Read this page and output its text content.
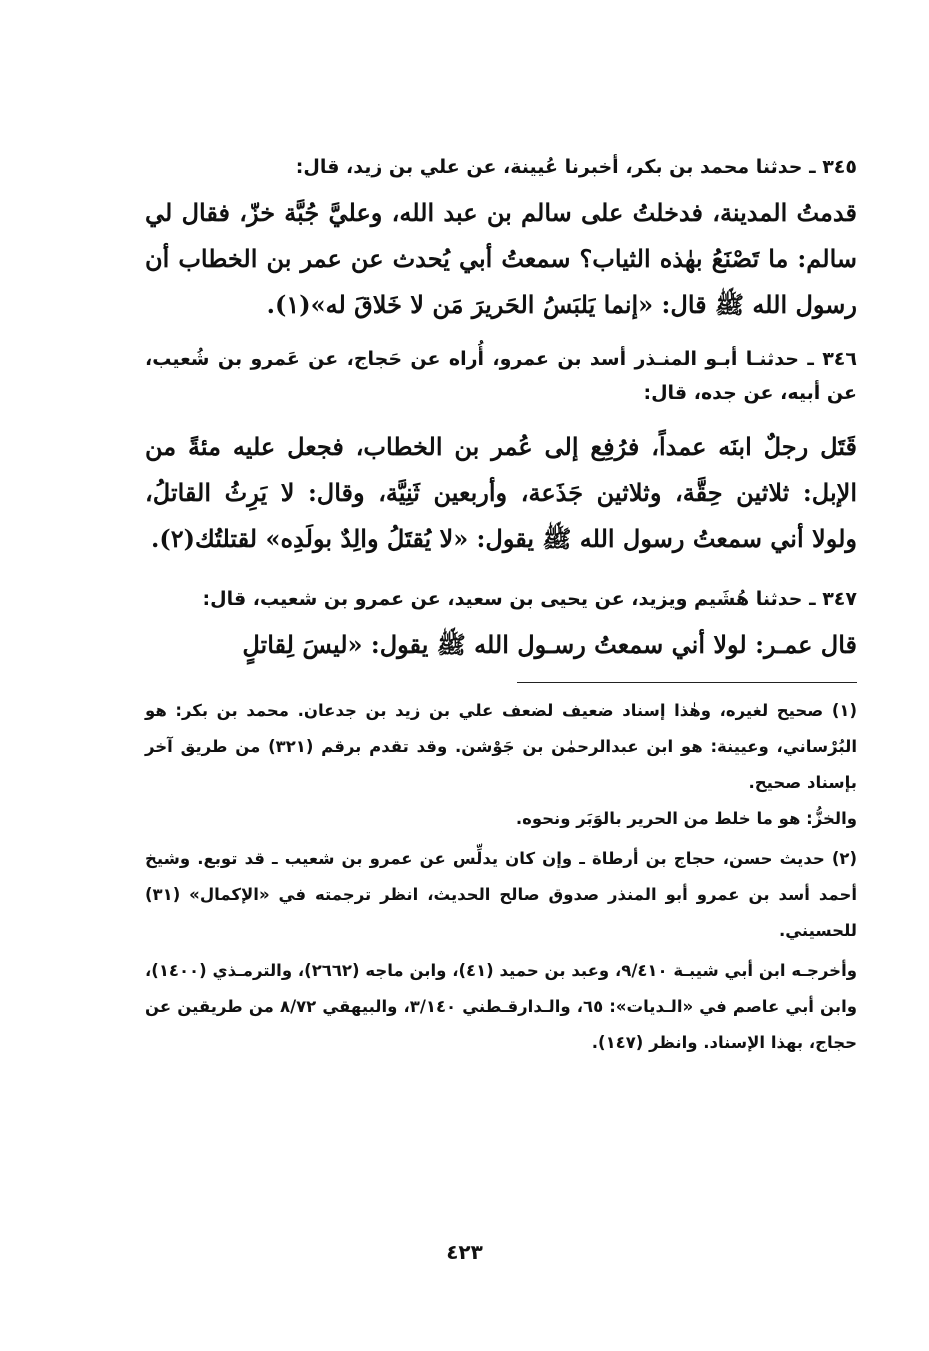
٣٤٥ ـ حدثنا محمد بن بكر، أخبرنا عُيينة، عن علي بن زيد، قال:

قدمتُ المدينة، فدخلتُ على سالم بن عبد الله، وعليَّ جُبَّة خزّ، فقال لي سالم: ما تَصْنَعُ بهٰذه الثياب؟ سمعتُ أبي يُحدث عن عمر بن الخطاب أن رسول الله ﷺ قال: «إنما يَلبَسُ الحَريرَ مَن لا خَلاقَ له»(١).

٣٤٦ ـ حدثنـا أبـو المنـذر أسد بن عمرو، أُراه عن حَجاج، عن عَمرو بن شُعيب، عن أبيه، عن جده، قال:

قَتَل رجلٌ ابنَه عمداً، فرُفِع إلى عُمر بن الخطاب، فجعل عليه مئةً من الإبل: ثلاثين حِقَّة، وثلاثين جَذَعة، وأربعين ثَنِيَّة، وقال: لا يَرِثُ القاتلُ، ولولا أني سمعتُ رسول الله ﷺ يقول: «لا يُقتَلُ والِدٌ بولَدِه» لقتلتُك(٢).

٣٤٧ ـ حدثنا هُشَيم ويزيد، عن يحيى بن سعيد، عن عمرو بن شعيب، قال:

قال عمـر: لولا أني سمعتُ رسـول الله ﷺ يقول: «ليسَ لِقاتلٍ

(١) صحيح لغيره، وهٰذا إسناد ضعيف لضعف علي بن زيد بن جدعان. محمد بن بكر: هو البُرْساني، وعيينة: هو ابن عبدالرحمٰن بن جَوْشن. وقد تقدم برقم (٣٢١) من طريق آخر بإسناد صحيح.

والخزُّ: هو ما خلط من الحرير بالوَبَر ونحوه.

(٢) حديث حسن، حجاج بن أرطاة ـ وإن كان يدلِّس عن عمرو بن شعيب ـ قد توبع. وشيخ أحمد أسد بن عمرو أبو المنذر صدوق صالح الحديث، انظر ترجمته في «الإكمال» (٣١) للحسيني.

وأخرجـه ابن أبي شيبـة ٩/٤١٠، وعبد بن حميد (٤١)، وابن ماجه (٢٦٦٢)، والترمـذي (١٤٠٠)، وابن أبي عاصم في «الـديات»: ٦٥، والـدارقـطني ٣/١٤٠، والبيهقي ٨/٧٢ من طريقين عن حجاج، بهذا الإسناد. وانظر (١٤٧).

٤٢٣
